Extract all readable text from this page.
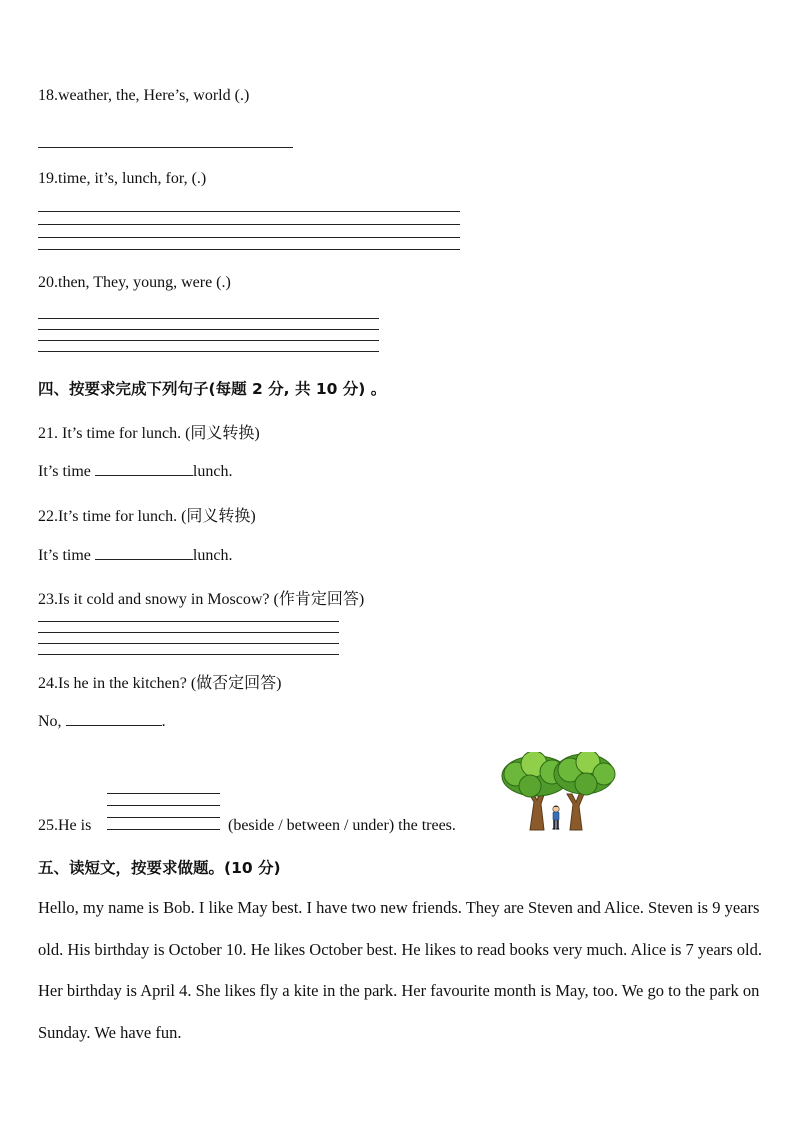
18.weather, the, Here’s, world (.)
19.time, it’s, lunch, for, (.)
20.then, They, young, were (.)
四、按要求完成下列句子(每题 2 分, 共 10 分) 。
21. It’s time for lunch. (同义转换)
It’s time	lunch.
22.It’s time for lunch. (同义转换)
It’s time	lunch.
23.Is it cold and snowy in Moscow? (作肯定回答)
24.Is he in the kitchen? (做否定回答)
No,	.
25.He is	(beside / between / under) the trees.
五、读短文，按要求做题。(10 分)
Hello, my name is Bob. I like May best. I have two new friends. They are Steven and Alice. Steven is 9 years old. His birthday is October 10. He likes October best. He likes to read books very much. Alice is 7 years old. Her birthday is April 4. She likes fly a kite in the park. Her favourite month is May, too. We go to the park on Sunday. We have fun.
